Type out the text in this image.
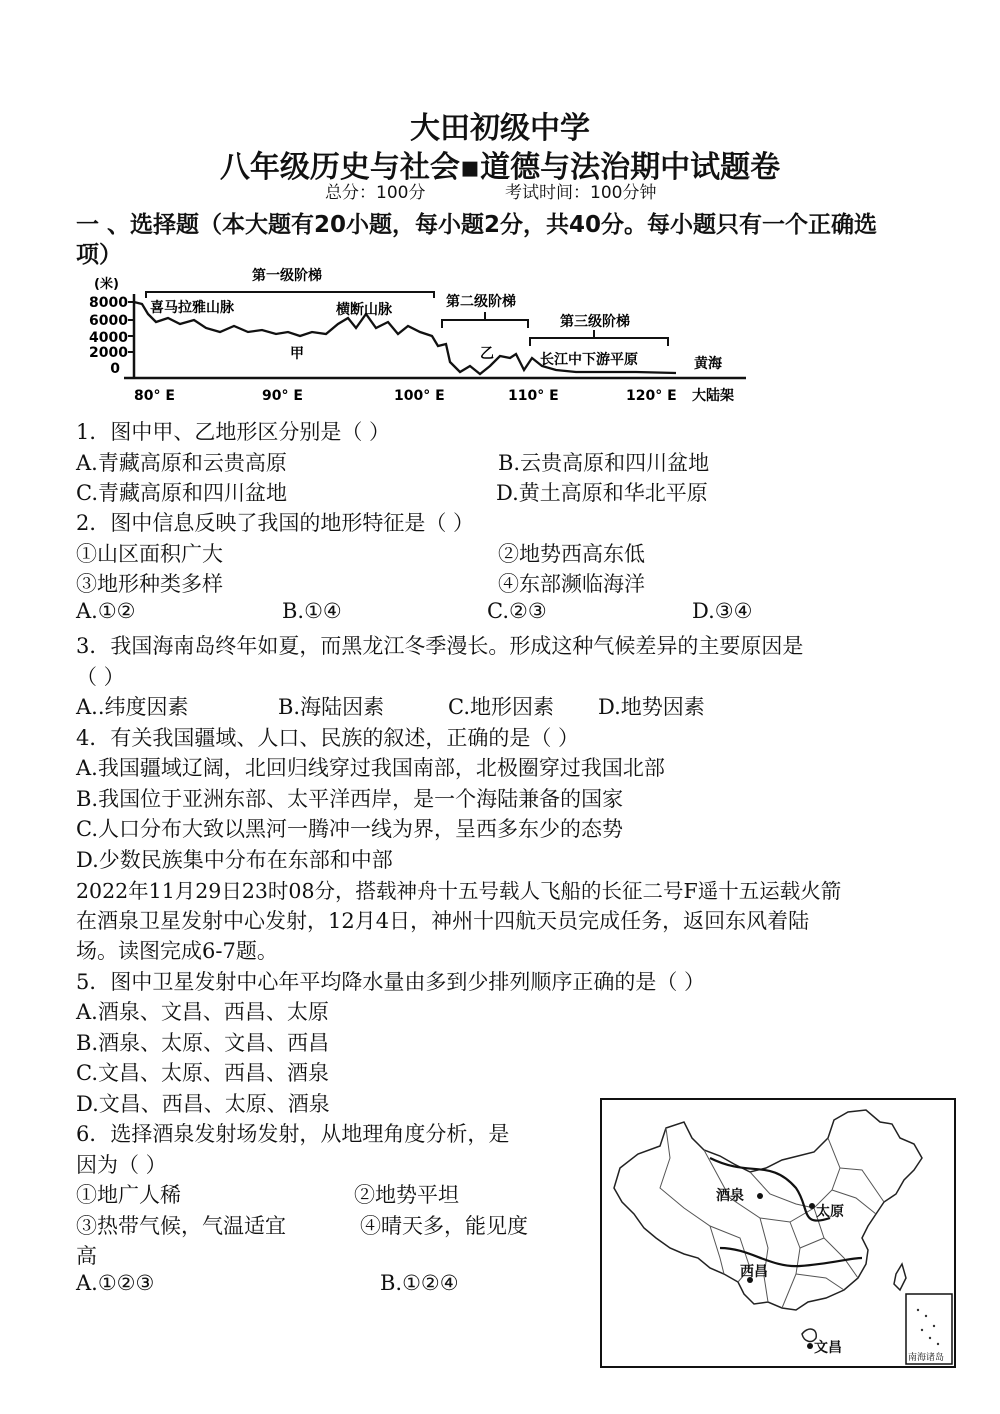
大田初级中学
八年级历史与社会▪道德与法治期中试题卷
总分：100分	考试时间：100分钟
一 、选择题（本大题有20小题，每小题2分，共40分。每小题只有一个正确选
项）
(米)
8000
6000
4000
2000
0
第一级阶梯
喜马拉雅山脉	横断山脉
甲
第二级阶梯
乙
第三级阶梯
长江中下游平原	黄海
80° E	90° E	100° E	110° E	120° E 大陆架
1．图中甲、乙地形区分别是（ ）
A.青藏高原和云贵高原	B.云贵高原和四川盆地
C.青藏高原和四川盆地	D.黄土高原和华北平原
2．图中信息反映了我国的地形特征是（ ）
①山区面积广大	②地势西高东低
③地形种类多样	④东部濒临海洋
A.①②	B.①④	C.②③	D.③④
3．我国海南岛终年如夏，而黑龙江冬季漫长。形成这种气候差异的主要原因是
（ ）
A..纬度因素	B.海陆因素	C.地形因素 D.地势因素
4．有关我国疆域、人口、民族的叙述，正确的是（ ）
A.我国疆域辽阔，北回归线穿过我国南部，北极圈穿过我国北部
B.我国位于亚洲东部、太平洋西岸，是一个海陆兼备的国家
C.人口分布大致以黑河一腾冲一线为界，呈西多东少的态势
D.少数民族集中分布在东部和中部
2022年11月29日23时08分，搭载神舟十五号载人飞船的长征二号F遥十五运载火箭
在酒泉卫星发射中心发射，12月4日，神州十四航天员完成任务，返回东风着陆
场。读图完成6-7题。
5．图中卫星发射中心年平均降水量由多到少排列顺序正确的是（ ）
A.酒泉、文昌、西昌、太原
B.酒泉、太原、文昌、西昌
C.文昌、太原、西昌、酒泉
D.文昌、西昌、太原、酒泉
6．选择酒泉发射场发射，从地理角度分析，是
因为（ ）
①地广人稀	②地势平坦
③热带气候，气温适宜	④晴天多，能见度
高
A.①②③	B.①②④
酒泉
太原
西昌
文昌
南海诸岛
